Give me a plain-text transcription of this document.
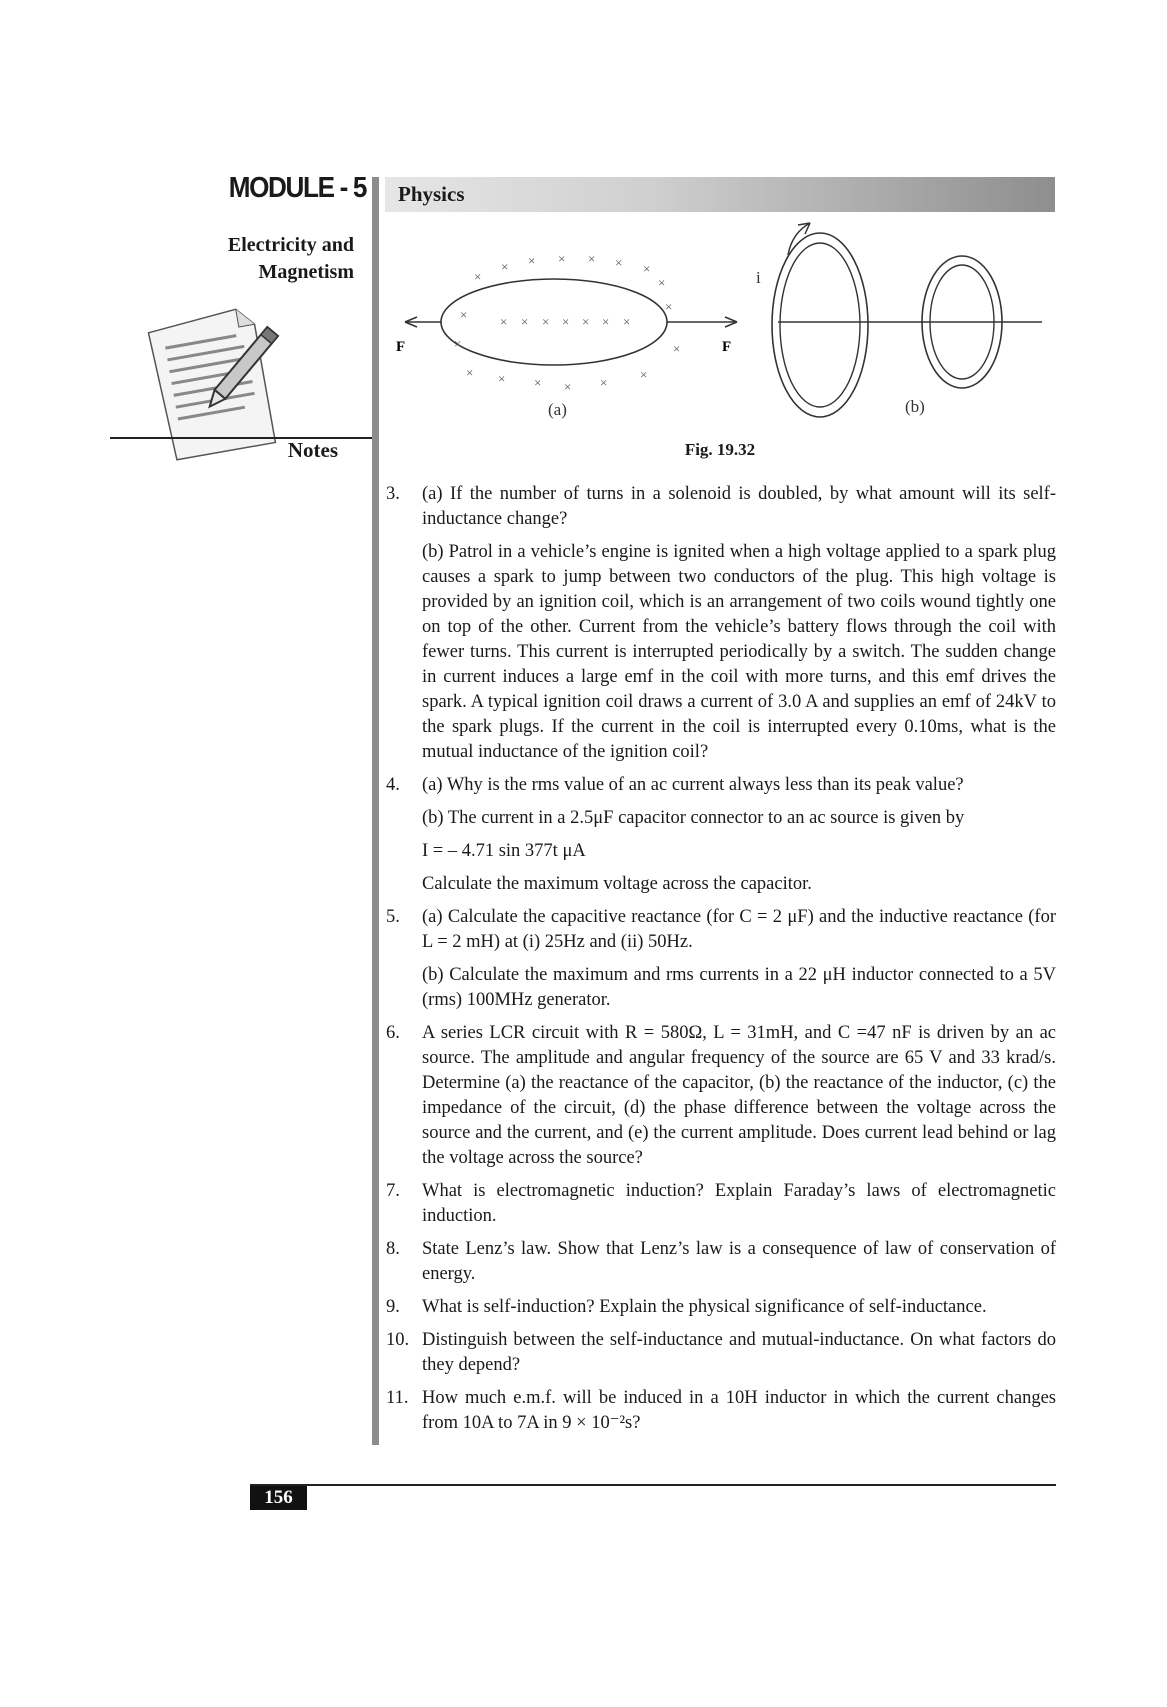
MODULE - 5
Electricity and
Magnetism
Notes
Physics
F	F
×
× × × × × ×
×
×
×
×	×
× × × × ×
×
× × × × × × ×
(a)
i
(b)
Fig. 19.32
3.	(a) If the number of turns in a solenoid is doubled, by what amount will its self-inductance change?

(b) Patrol in a vehicle’s engine is ignited when a high voltage applied to a spark plug causes a spark to jump between two conductors of the plug. This high voltage is provided by an ignition coil, which is an arrangement of two coils wound tightly one on top of the other. Current from the vehicle’s battery flows through the coil with fewer turns. This current is interrupted periodically by a switch. The sudden change in current induces a large emf in the coil with more turns, and this emf drives the spark. A typical ignition coil draws a current of 3.0 A and supplies an emf of 24kV to the spark plugs. If the current in the coil is interrupted every 0.10ms, what is the mutual inductance of the ignition coil?

4.	(a) Why is the rms value of an ac current always less than its peak value?

(b) The current in a 2.5μF capacitor connector to an ac source is given by

I = – 4.71 sin 377t μA

Calculate the maximum voltage across the capacitor.

5.	(a) Calculate the capacitive reactance (for C = 2 μF) and the inductive reactance (for L = 2 mH) at (i) 25Hz and (ii) 50Hz.

(b) Calculate the maximum and rms currents in a 22 μH inductor connected to a 5V (rms) 100MHz generator.

6.	A series LCR circuit with R = 580Ω, L = 31mH, and C =47 nF is driven by an ac source. The amplitude and angular frequency of the source are 65 V and 33 krad/s. Determine (a) the reactance of the capacitor, (b) the reactance of the inductor, (c) the impedance of the circuit, (d) the phase difference between the voltage across the source and the current, and (e) the current amplitude. Does current lead behind or lag the voltage across the source?

7.	What is electromagnetic induction? Explain Faraday’s laws of electromagnetic induction.

8.	State Lenz’s law. Show that Lenz’s law is a consequence of law of conservation of energy.

9.	What is self-induction? Explain the physical significance of self-inductance.

10. Distinguish between the self-inductance and mutual-inductance. On what factors do they depend?

11. How much e.m.f. will be induced in a 10H inductor in which the current changes from 10A to 7A in 9 × 10⁻²s?

156
